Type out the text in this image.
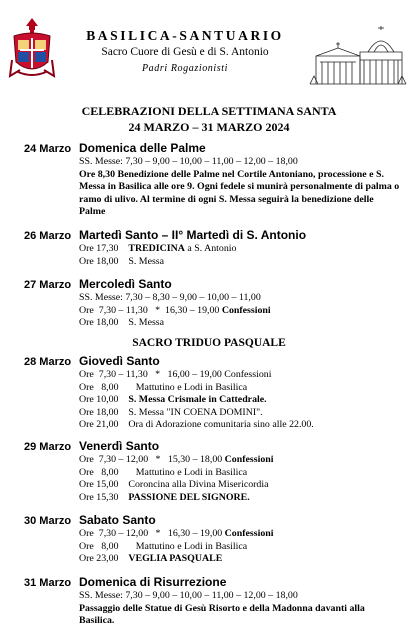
BASILICA-SANTUARIO
Sacro Cuore di Gesù e di S. Antonio
Padri Rogazionisti
CELEBRAZIONI DELLA SETTIMANA SANTA
24 MARZO – 31 MARZO 2024
24 Marzo Domenica delle Palme

SS. Messe: 7,30 – 9,00 – 10,00 – 11,00 – 12,00 – 18,00

Ore 8,30 Benedizione delle Palme nel Cortile Antoniano, processione e S. Messa in Basilica alle ore 9. Ogni fedele si munirà personalmente di palma o ramo di ulivo. Al termine di ogni S. Messa seguirà la benedizione delle Palme

26 Marzo Martedì Santo – II° Martedì di S. Antonio
Ore 17,30
TREDICINA a S. Antonio
Ore 18,00
S. Messa
27 Marzo Mercoledì Santo

SS. Messe: 7,30 – 8,30 – 9,00 – 10,00 – 11,00

Ore
7,30 – 11,30   *  16,30 – 19,00 Confessioni
Ore 18,00
S. Messa
SACRO TRIDUO PASQUALE
28 Marzo Giovedì Santo
Ore
7,30 – 11,30   *   16,00 – 19,00 Confessioni
Ore
8,00       Mattutino e Lodi in Basilica
Ore 10,00
S. Messa Crismale in Cattedrale.
Ore 18,00
S. Messa "IN COENA DOMINI".
Ore 21,00
Ora di Adorazione comunitaria sino alle 22.00.
29 Marzo Venerdì Santo
Ore
7,30 – 12,00   *   15,30 – 18,00 Confessioni
Ore
8,00       Mattutino e Lodi in Basilica
Ore 15,00
Coroncina alla Divina Misericordia
Ore 15,30
PASSIONE DEL SIGNORE.
30 Marzo Sabato Santo
Ore
7,30 – 12,00   *   16,30 – 19,00 Confessioni
Ore
8,00       Mattutino e Lodi in Basilica
Ore 23,00
VEGLIA PASQUALE
31 Marzo Domenica di Risurrezione

SS. Messe: 7,30 – 9,00 – 10,00 – 11,00 – 12,00 – 18,00

Passaggio delle Statue di Gesù Risorto e della Madonna davanti alla Basilica.
